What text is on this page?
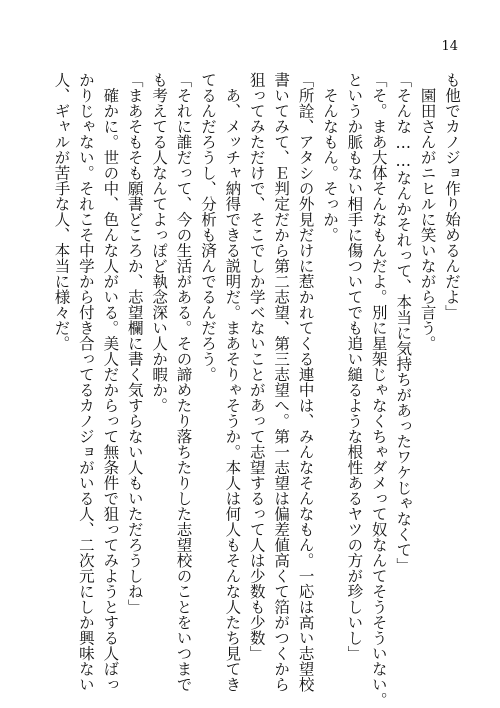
14
も他でカノジョ作り始めるんだよ」
　園田さんがニヒルに笑いながら言う。
「そんな……なんかそれって、本当に気持ちがあったワケじゃなくて」
「そ。まあ大体そんなもんだよ。別に星架じゃなくちゃダメって奴なんてそうそういない。
というか脈もない相手に傷ついてでも追い縋るような根性あるヤツの方が珍しいし」
　そんなもん。そっか。
「所詮、アタシの外見だけに惹かれてくる連中は、みんなそんなもん。一応は高い志望校
書いてみて、Ｅ判定だから第二志望、第三志望へ。第一志望は偏差値高くて箔がつくから
狙ってみただけで、そこでしか学べないことがあって志望するって人は少数も少数」
　あ、メッチャ納得できる説明だ。まあそりゃそうか。本人は何人もそんな人たち見てき
てるんだろうし、分析も済んでるんだろう。
「それに誰だって、今の生活がある。その諦めたり落ちたりした志望校のことをいつまで
も考えてる人なんてよっぽど執念深い人か暇か。
「まあそもそも願書どころか、志望欄に書く気すらない人もいただろうしね」
　確かに。世の中、色んな人がいる。美人だからって無条件で狙ってみようとする人ばっ
かりじゃない。それこそ中学から付き合ってるカノジョがいる人、二次元にしか興味ない
人、ギャルが苦手な人、本当に様々だ。
